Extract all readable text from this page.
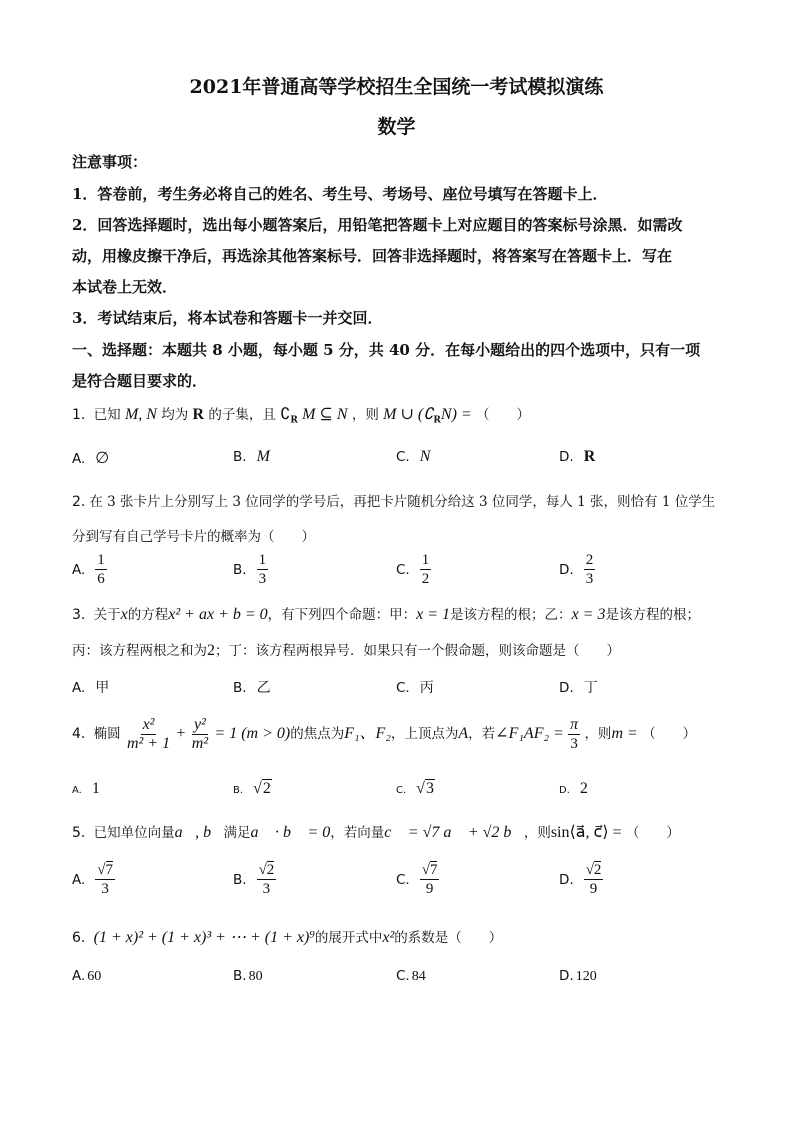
2021年普通高等学校招生全国统一考试模拟演练
数学
注意事项：
1．答卷前，考生务必将自己的姓名、考生号、考场号、座位号填写在答题卡上．
2．回答选择题时，选出每小题答案后，用铅笔把答题卡上对应题目的答案标号涂黑．如需改
动，用橡皮擦干净后，再选涂其他答案标号．回答非选择题时，将答案写在答题卡上．写在
本试卷上无效．
3．考试结束后，将本试卷和答题卡一并交回．
一、选择题：本题共 8 小题，每小题 5 分，共 40 分．在每小题给出的四个选项中，只有一项
是符合题目要求的．
1. 已知 M, N 均为 R 的子集，且 $∁_R$ M ⊆ N ，则 M ∪ $(∁_RN)$ = （　　）
A. ∅	B. M	C. N	D. R
2. 在 3 张卡片上分别写上 3 位同学的学号后，再把卡片随机分给这 3 位同学，每人 1 张，则恰有 1 位学生
分到写有自己学号卡片的概率为（　　）
A. $\frac{1}{6}$	B. $\frac{1}{3}$	C. $\frac{1}{2}$	D. $\frac{2}{3}$
3. 关于x的方程x² + ax + b = 0，有下列四个命题：甲：x = 1是该方程的根；乙：x = 3是该方程的根；
丙：该方程两根之和为2；丁：该方程两根异号．如果只有一个假命题，则该命题是（　　）
A. 甲	B. 乙	C. 丙	D. 丁
4. 椭圆 $\frac{\text{x²}}{\text{m² + 1}} + \frac{\text{y²}}{\text{m²}} = 1$ (m > 0)的焦点为F₁、F₂，上顶点为A，若∠F₁AF₂ = $\frac{\pi}{3}$ ，则m = （　　）
A. 1	B. √2	C. √3	D. 2
5. 已知单位向量a⃗, b⃗满足a⃗ · b⃗ = 0，若向量c⃗ = √7 a⃗ + √2 b⃗，则sin⟨a⃗, c⃗⟩ = （　　）
A. $\frac{√7}{3}$	B. $\frac{√2}{3}$	C. $\frac{√7}{9}$	D. $\frac{√2}{9}$
6. (1 + x)² + (1 + x)³ + ⋯ + (1 + x)⁹的展开式中x²的系数是（　　）
A. 60	B. 80	C. 84	D. 120
